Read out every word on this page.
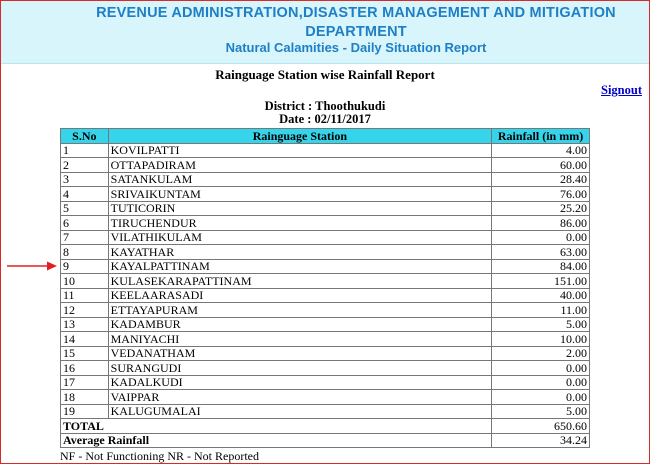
REVENUE ADMINISTRATION,DISASTER MANAGEMENT AND MITIGATION DEPARTMENT
Natural Calamities - Daily Situation Report
Rainguage Station wise Rainfall Report
Signout
District : Thoothukudi
Date : 02/11/2017
S.No	Rainguage Station	Rainfall (in mm)
1	KOVILPATTI	4.00
2	OTTAPADIRAM	60.00
3	SATANKULAM	28.40
4	SRIVAIKUNTAM	76.00
5	TUTICORIN	25.20
6	TIRUCHENDUR	86.00
7	VILATHIKULAM	0.00
8	KAYATHAR	63.00
9	KAYALPATTINAM	84.00
10	KULASEKARAPATTINAM	151.00
11	KEELAARASADI	40.00
12	ETTAYAPURAM	11.00
13	KADAMBUR	5.00
14	MANIYACHI	10.00
15	VEDANATHAM	2.00
16	SURANGUDI	0.00
17	KADALKUDI	0.00
18	VAIPPAR	0.00
19	KALUGUMALAI	5.00
TOTAL		650.60
Average Rainfall		34.24
NF - Not Functioning NR - Not Reported
